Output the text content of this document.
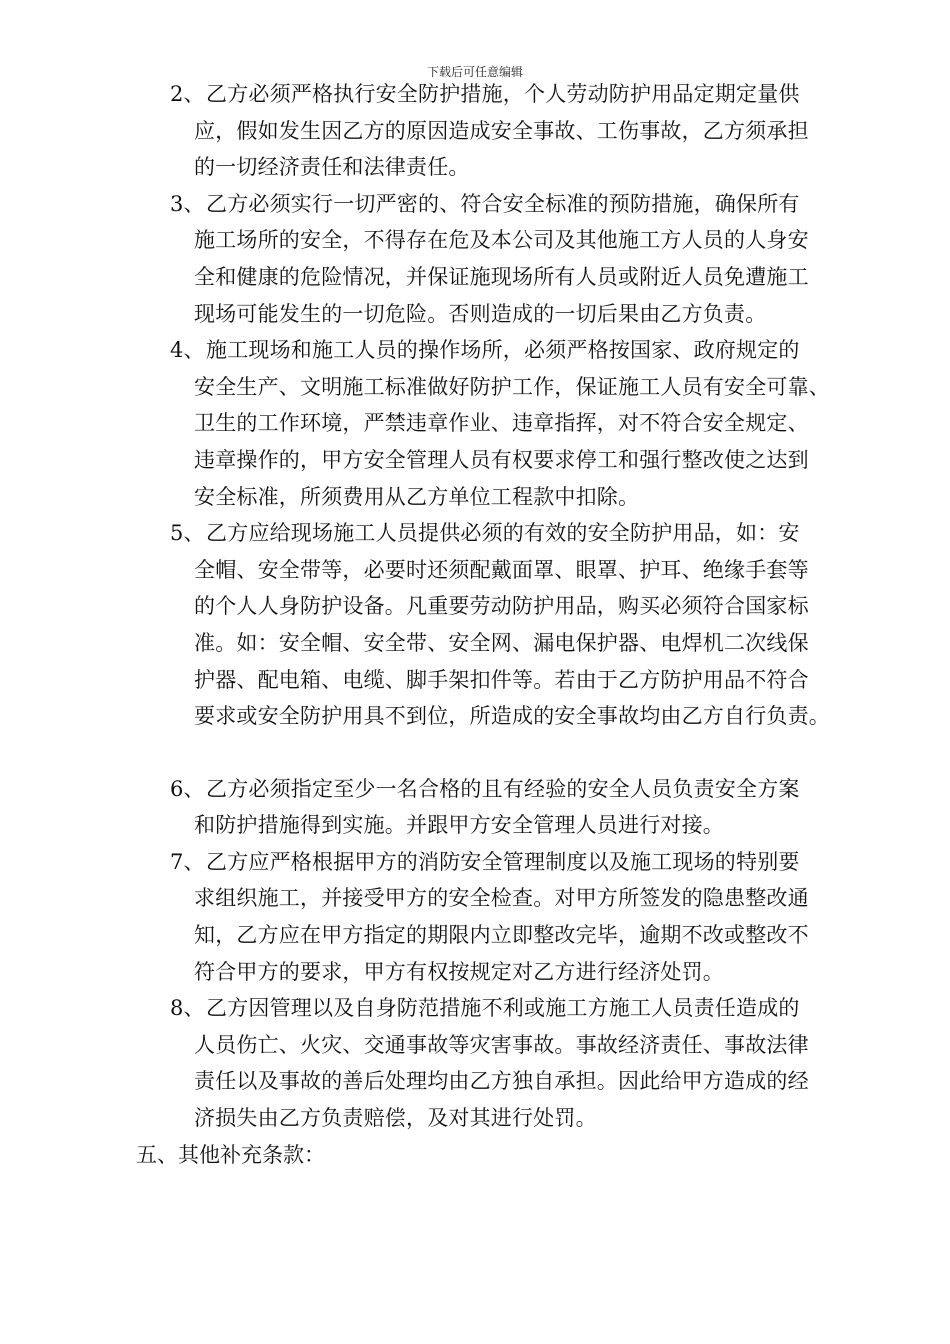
下载后可任意编辑
2、 乙方必须严格执行安全防护措施，个人劳动防护用品定期定量供
应，假如发生因乙方的原因造成安全事故、工伤事故，乙方须承担
的一切经济责任和法律责任。
3、 乙方必须实行一切严密的、符合安全标准的预防措施，确保所有
施工场所的安全，不得存在危及本公司及其他施工方人员的人身安
全和健康的危险情况，并保证施现场所有人员或附近人员免遭施工
现场可能发生的一切危险。否则造成的一切后果由乙方负责。
4、 施工现场和施工人员的操作场所，必须严格按国家、政府规定的
安全生产、文明施工标准做好防护工作，保证施工人员有安全可靠、
卫生的工作环境，严禁违章作业、违章指挥，对不符合安全规定、
违章操作的，甲方安全管理人员有权要求停工和强行整改使之达到
安全标准，所须费用从乙方单位工程款中扣除。
5、 乙方应给现场施工人员提供必须的有效的安全防护用品，如：安
全帽、安全带等，必要时还须配戴面罩、眼罩、护耳、绝缘手套等
的个人人身防护设备。凡重要劳动防护用品，购买必须符合国家标
准。如：安全帽、安全带、安全网、漏电保护器、电焊机二次线保
护器、配电箱、电缆、脚手架扣件等。若由于乙方防护用品不符合
要求或安全防护用具不到位，所造成的安全事故均由乙方自行负责。
6、 乙方必须指定至少一名合格的且有经验的安全人员负责安全方案
和防护措施得到实施。并跟甲方安全管理人员进行对接。
7、 乙方应严格根据甲方的消防安全管理制度以及施工现场的特别要
求组织施工，并接受甲方的安全检查。对甲方所签发的隐患整改通
知，乙方应在甲方指定的期限内立即整改完毕，逾期不改或整改不
符合甲方的要求，甲方有权按规定对乙方进行经济处罚。
8、 乙方因管理以及自身防范措施不利或施工方施工人员责任造成的
人员伤亡、火灾、交通事故等灾害事故。事故经济责任、事故法律
责任以及事故的善后处理均由乙方独自承担。因此给甲方造成的经
济损失由乙方负责赔偿，及对其进行处罚。
五、其他补充条款：
